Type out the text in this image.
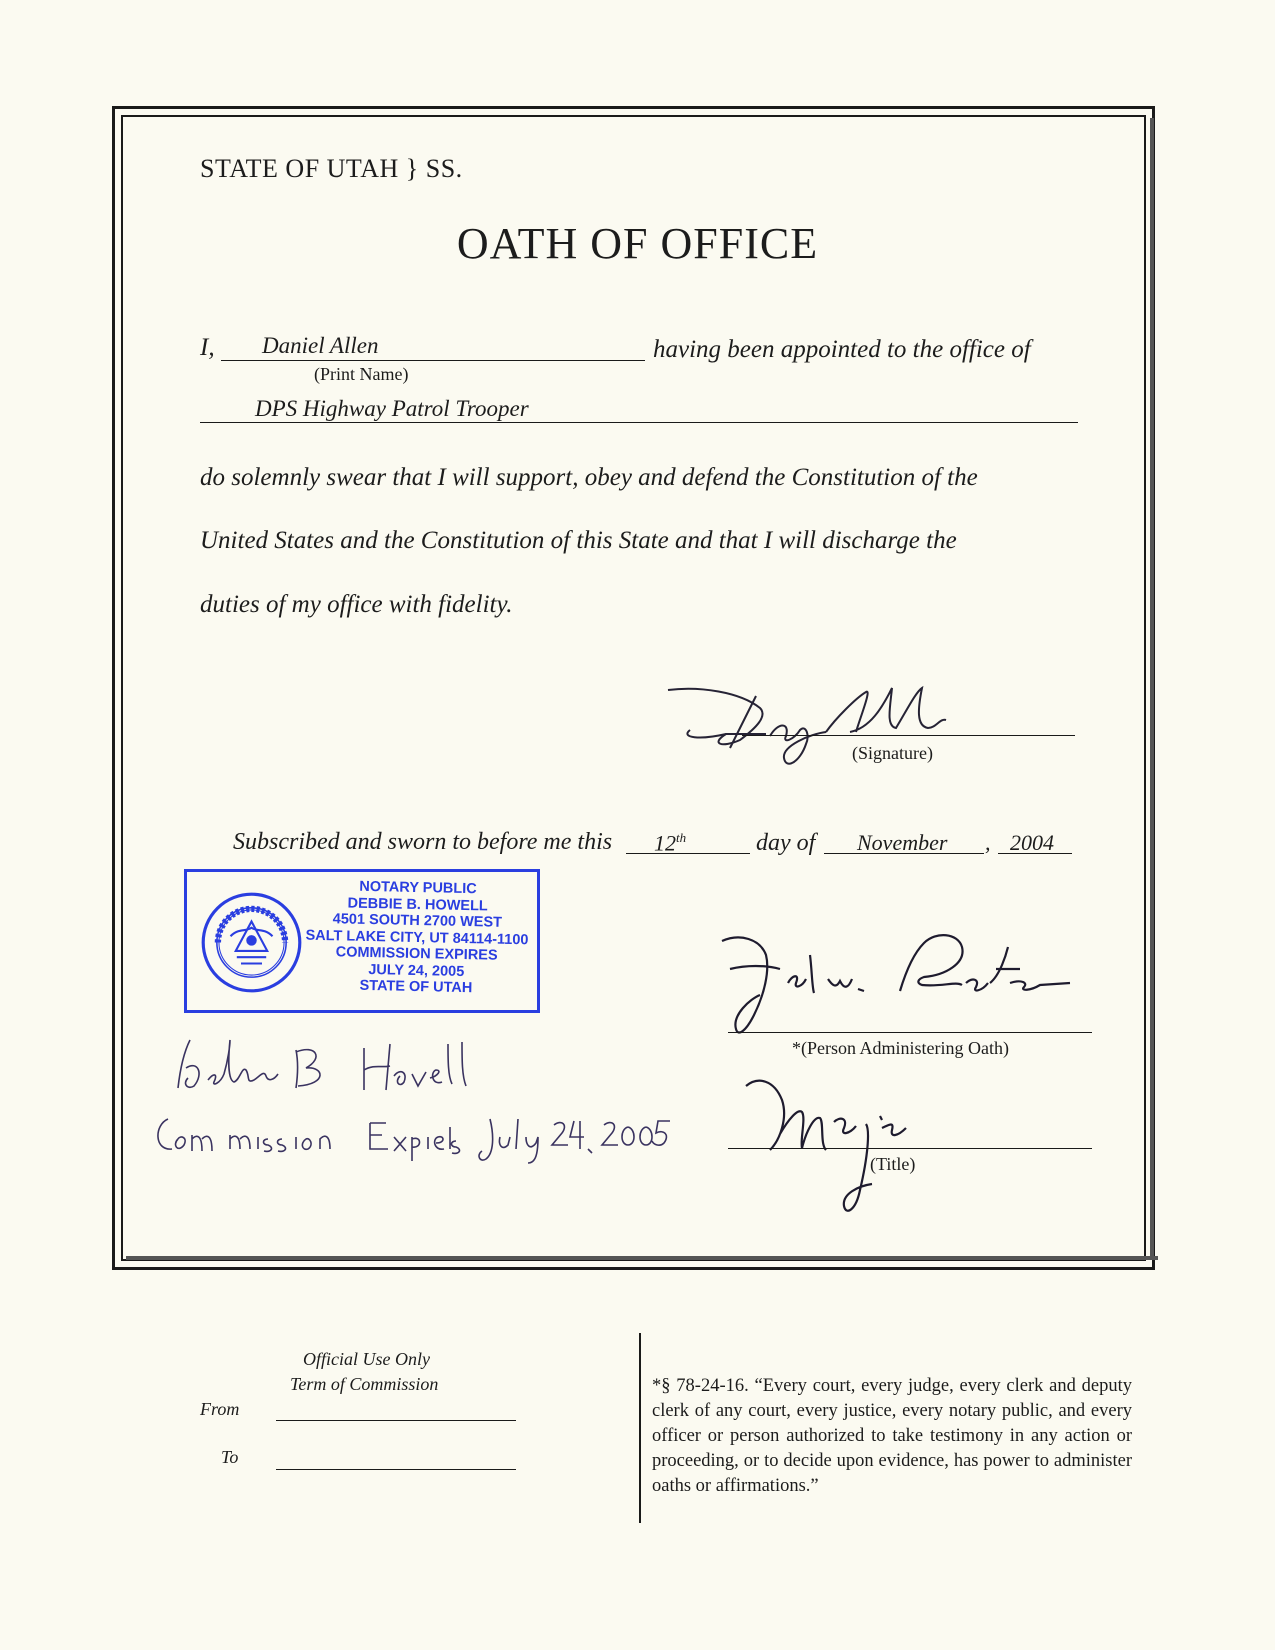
STATE OF UTAH } SS.
OATH OF OFFICE
I, Daniel Allen
(Print Name)
having been appointed to the office of
DPS Highway Patrol Trooper
do solemnly swear that I will support, obey and defend the Constitution of the
United States and the Constitution of this State and that I will discharge the
duties of my office with fidelity.
(Signature)
Subscribed and sworn to before me this 12th	day of November , 2004
NOTARY PUBLIC
DEBBIE B. HOWELL
4501 SOUTH 2700 WEST
SALT LAKE CITY, UT 84114-1100
COMMISSION EXPIRES
JULY 24, 2005
STATE OF UTAH
*(Person Administering Oath)
(Title)
Official Use Only
Term of Commission
From
To
*§ 78-24-16. “Every court, every judge, every clerk and deputy clerk of any court, every justice, every notary public, and every officer or person authorized to take testimony in any action or proceeding, or to decide upon evidence, has power to administer oaths or affirmations.”
